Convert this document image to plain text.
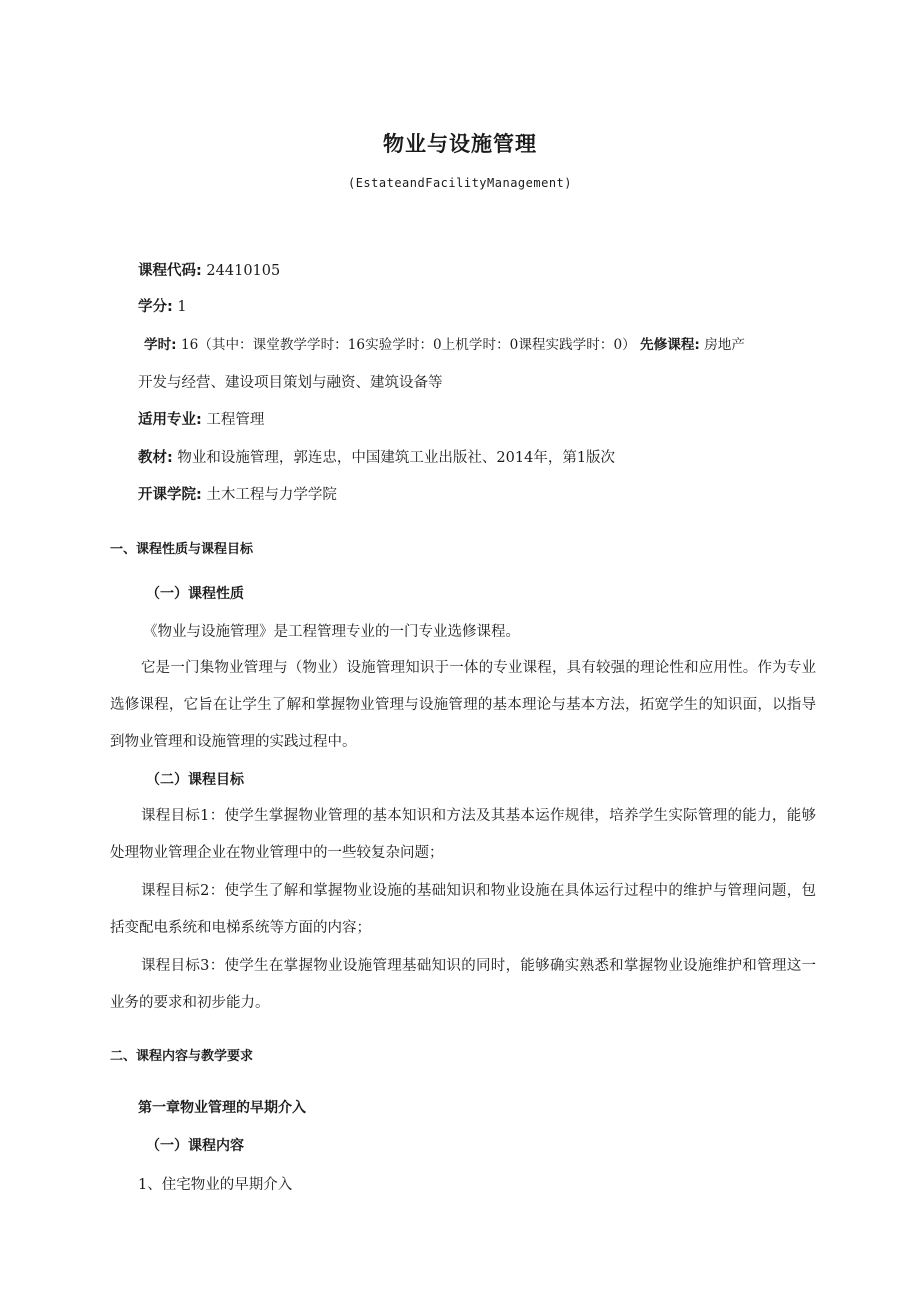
物业与设施管理
(EstateandFacilityManagement)
课程代码: 24410105
学分: 1
学时: 16（其中：课堂教学学时：16实验学时：0上机学时：0课程实践学时：0） 先修课程: 房地产
开发与经营、建设项目策划与融资、建筑设备等
适用专业: 工程管理
教材: 物业和设施管理，郭连忠，中国建筑工业出版社、2014年，第1版次
开课学院: 土木工程与力学学院
一、课程性质与课程目标
（一）课程性质
《物业与设施管理》是工程管理专业的一门专业选修课程。
它是一门集物业管理与（物业）设施管理知识于一体的专业课程，具有较强的理论性和应用性。作为专业选修课程，它旨在让学生了解和掌握物业管理与设施管理的基本理论与基本方法，拓宽学生的知识面，以指导到物业管理和设施管理的实践过程中。
（二）课程目标
课程目标1：使学生掌握物业管理的基本知识和方法及其基本运作规律，培养学生实际管理的能力，能够处理物业管理企业在物业管理中的一些较复杂问题；
课程目标2：使学生了解和掌握物业设施的基础知识和物业设施在具体运行过程中的维护与管理问题，包括变配电系统和电梯系统等方面的内容；
课程目标3：使学生在掌握物业设施管理基础知识的同时，能够确实熟悉和掌握物业设施维护和管理这一业务的要求和初步能力。
二、课程内容与教学要求
第一章物业管理的早期介入
（一）课程内容
1、住宅物业的早期介入
